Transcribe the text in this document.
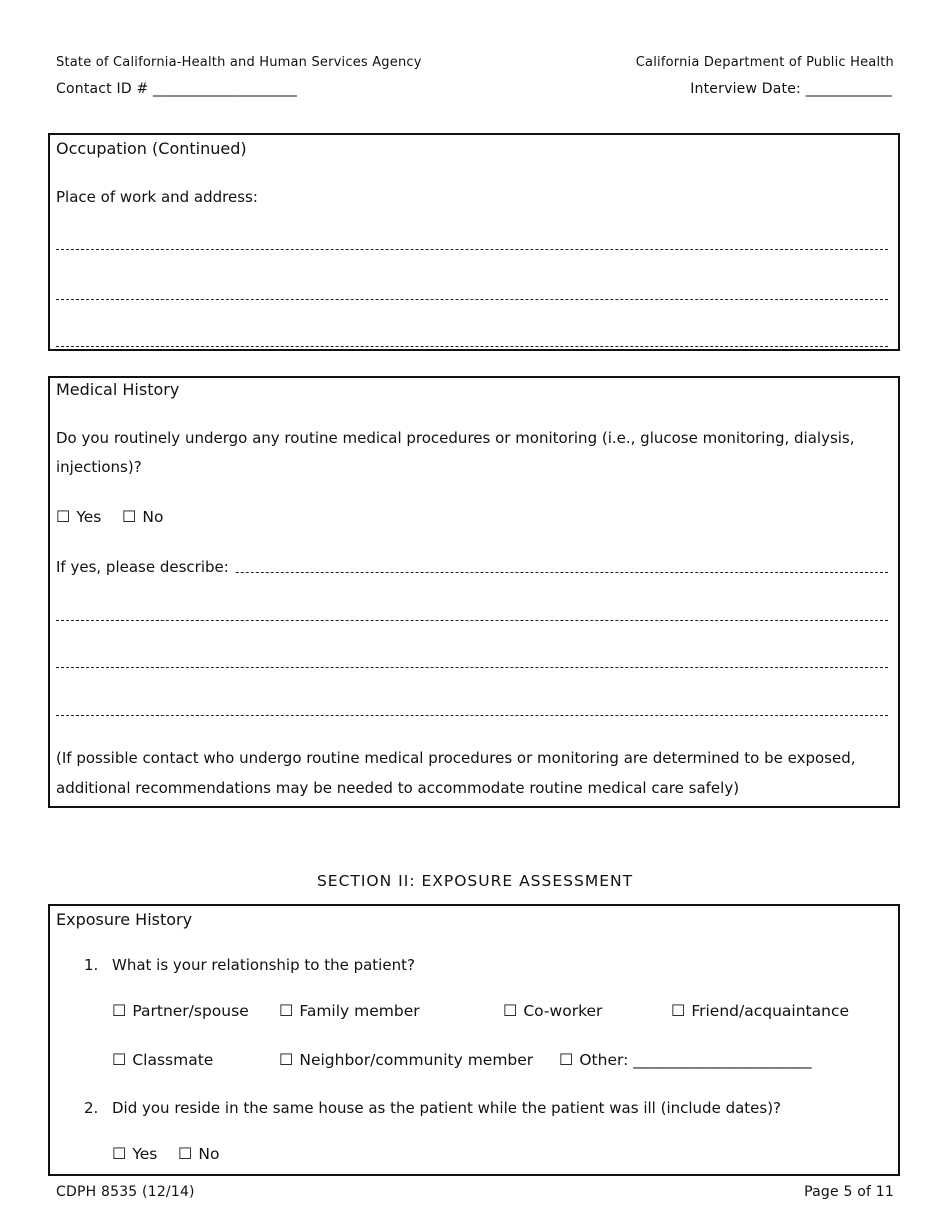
State of California-Health and Human Services Agency	California Department of Public Health
Contact ID # ____________________	Interview Date: ____________
Occupation (Continued)
Place of work and address:
Medical History
Do you routinely undergo any routine medical procedures or monitoring (i.e., glucose monitoring, dialysis,
injections)?
☐ Yes ☐ No
If yes, please describe:
(If possible contact who undergo routine medical procedures or monitoring are determined to be exposed,
additional recommendations may be needed to accommodate routine medical care safely)
SECTION II: EXPOSURE ASSESSMENT
Exposure History
1. What is your relationship to the patient?
☐ Partner/spouse ☐ Family member	☐ Co-worker	☐ Friend/acquaintance
☐ Classmate	☐ Neighbor/community member ☐ Other: _______________________
2. Did you reside in the same house as the patient while the patient was ill (include dates)?
☐ Yes ☐ No
CDPH 8535 (12/14)	Page 5 of 11
